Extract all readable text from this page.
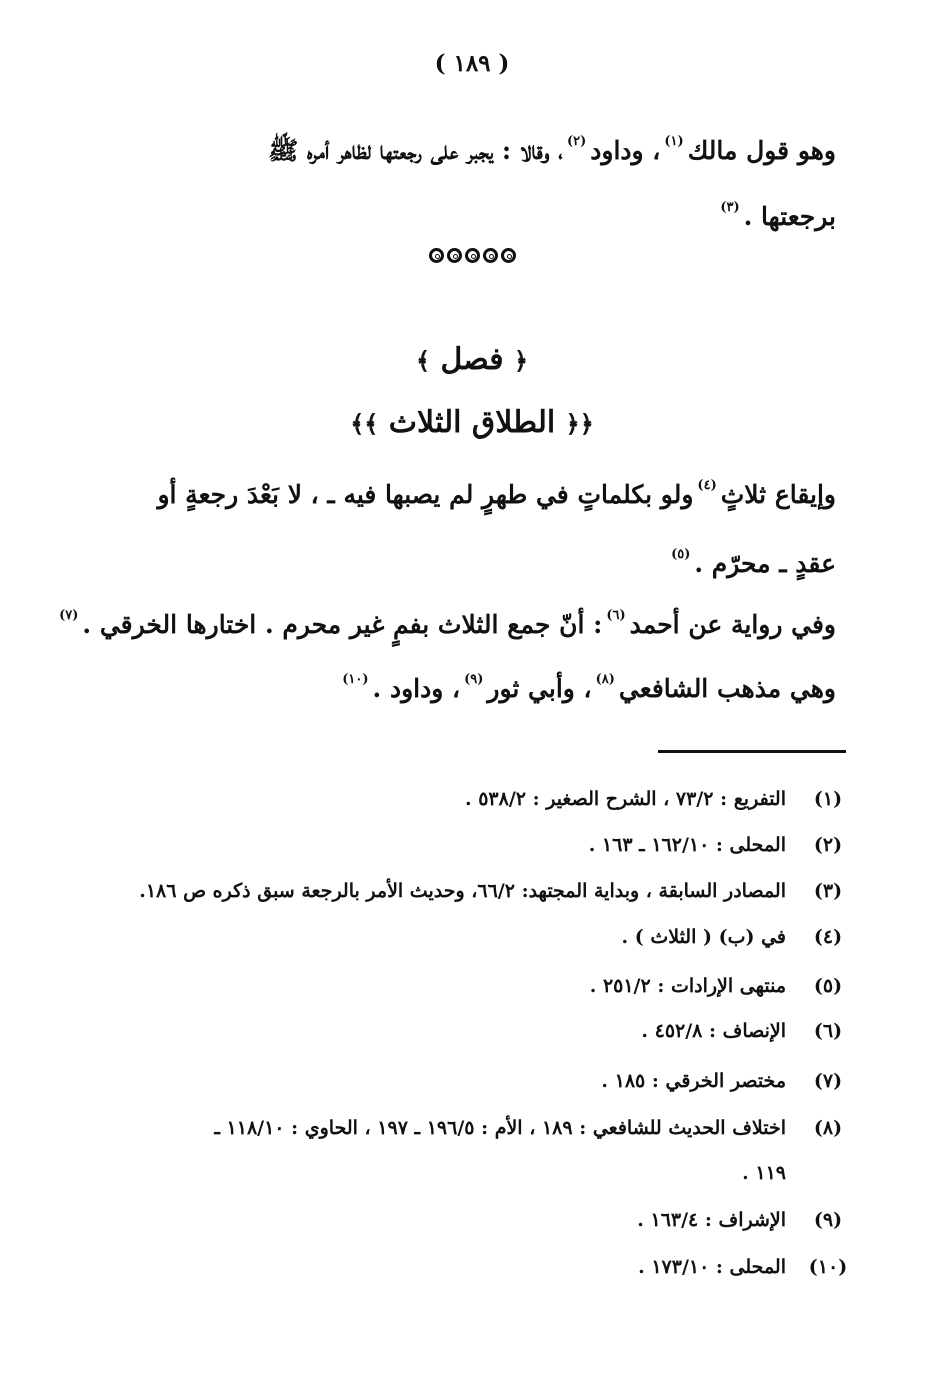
( ١٨٩ )
وهو قول مالك$^{(١)}$، وداود$^{(٢)}$، وقالا : يجبر على رجعتها لظاهر أمره ﷺ
برجعتها .$^{(٣)}$
﴿ فصل ﴾
﴿﴿ الطلاق الثلاث ﴾﴾
وإيقاع ثلاثٍ$^{(٤)}$ولو بكلماتٍ في طهرٍ لم يصبها فيه ـ ، لا بَعْدَ رجعةٍ أو
عقدٍ ـ محرّم .$^{(٥)}$
وفي رواية عن أحمد$^{(٦)}$: أنّ جمع الثلاث بفمٍ غير محرم . اختارها الخرقي .$^{(٧)}$
وهي مذهب الشافعي$^{(٨)}$، وأبي ثور$^{(٩)}$، وداود .$^{(١٠)}$
(١)التفريع : ٧٣/٢ ، الشرح الصغير : ٥٣٨/٢ .
(٢)المحلى : ١٦٢/١٠ ـ ١٦٣ .
(٣)المصادر السابقة ، وبداية المجتهد: ٦٦/٢، وحديث الأمر بالرجعة سبق ذكره ص ١٨٦.
(٤)في (ب) ( الثلاث ) .
(٥)منتهى الإرادات : ٢٥١/٢ .
(٦)الإنصاف : ٤٥٢/٨ .
(٧)مختصر الخرقي : ١٨٥ .
(٨)اختلاف الحديث للشافعي : ١٨٩ ، الأم : ١٩٦/٥ ـ ١٩٧ ، الحاوي : ١١٨/١٠ ـ
١١٩ .
(٩)الإشراف : ١٦٣/٤ .
(١٠)المحلى : ١٧٣/١٠ .
